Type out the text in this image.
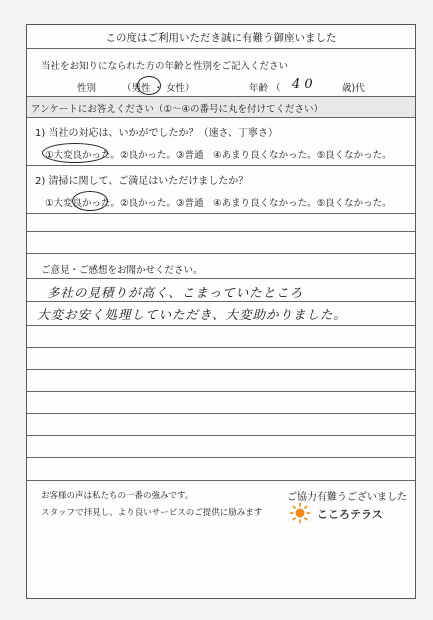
この度はご利用いただき誠に有難う御座いました
当社をお知りになられた方の年齢と性別をご記入ください
性別	（男性 ・ 女性）	年齢 （ 4 0	歳)代
アンケートにお答えください（①～④の番号に丸を付けてください）
1) 当社の対応は、いかがでしたか？（速さ、丁寧さ）
①大変良かった。②良かった。③普通　④あまり良くなかった。⑤良くなかった。
2) 清掃に関して、ご満足はいただけましたか？
①大変良かった。②良かった。③普通　④あまり良くなかった。⑤良くなかった。
ご意見・ご感想をお聞かせください。
多社の見積りが高く、こまっていたところ
大変お安く処理していただき、大変助かりました。
お客様の声は私たちの一番の強みです。
スタッフで拝見し、より良いサービスのご提供に励みます
ご協力有難うございました
こころテラス
